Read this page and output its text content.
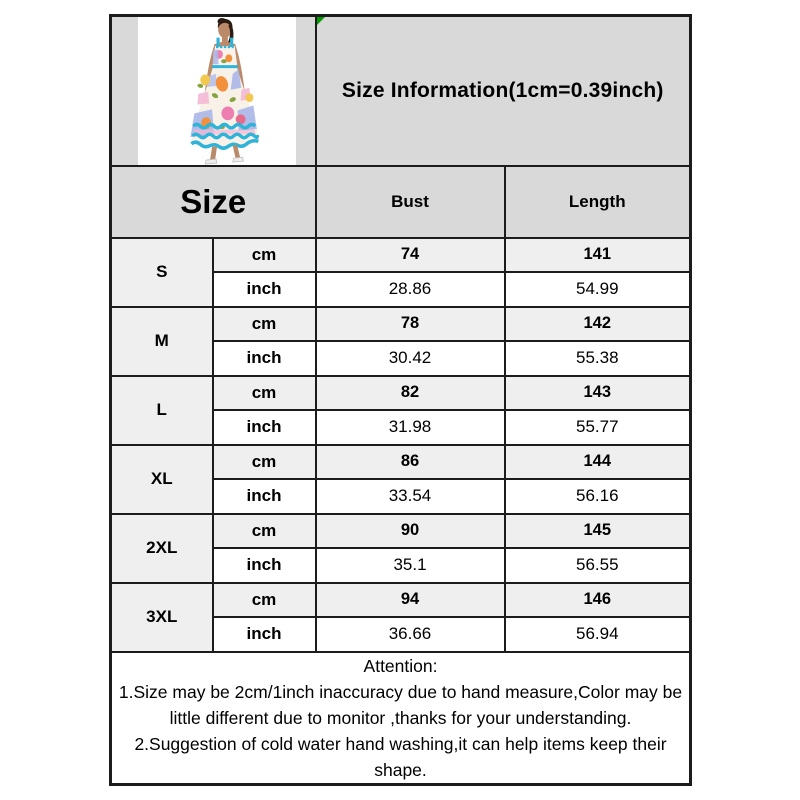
Size Information(1cm=0.39inch)	
Size		Bust	Length
S	cm	74	141
	inch	28.86	54.99
M	cm	78	142
	inch	30.42	55.38
L	cm	82	143
	inch	31.98	55.77
XL	cm	86	144
	inch	33.54	56.16
2XL	cm	90	145
	inch	35.1	56.55
3XL	cm	94	146
	inch	36.66	56.94

Attention:
1.Size may be 2cm/1inch inaccuracy due to hand measure,Color may be little different due to monitor ,thanks for your understanding.
2.Suggestion of cold water hand washing,it can help items keep their shape.			
